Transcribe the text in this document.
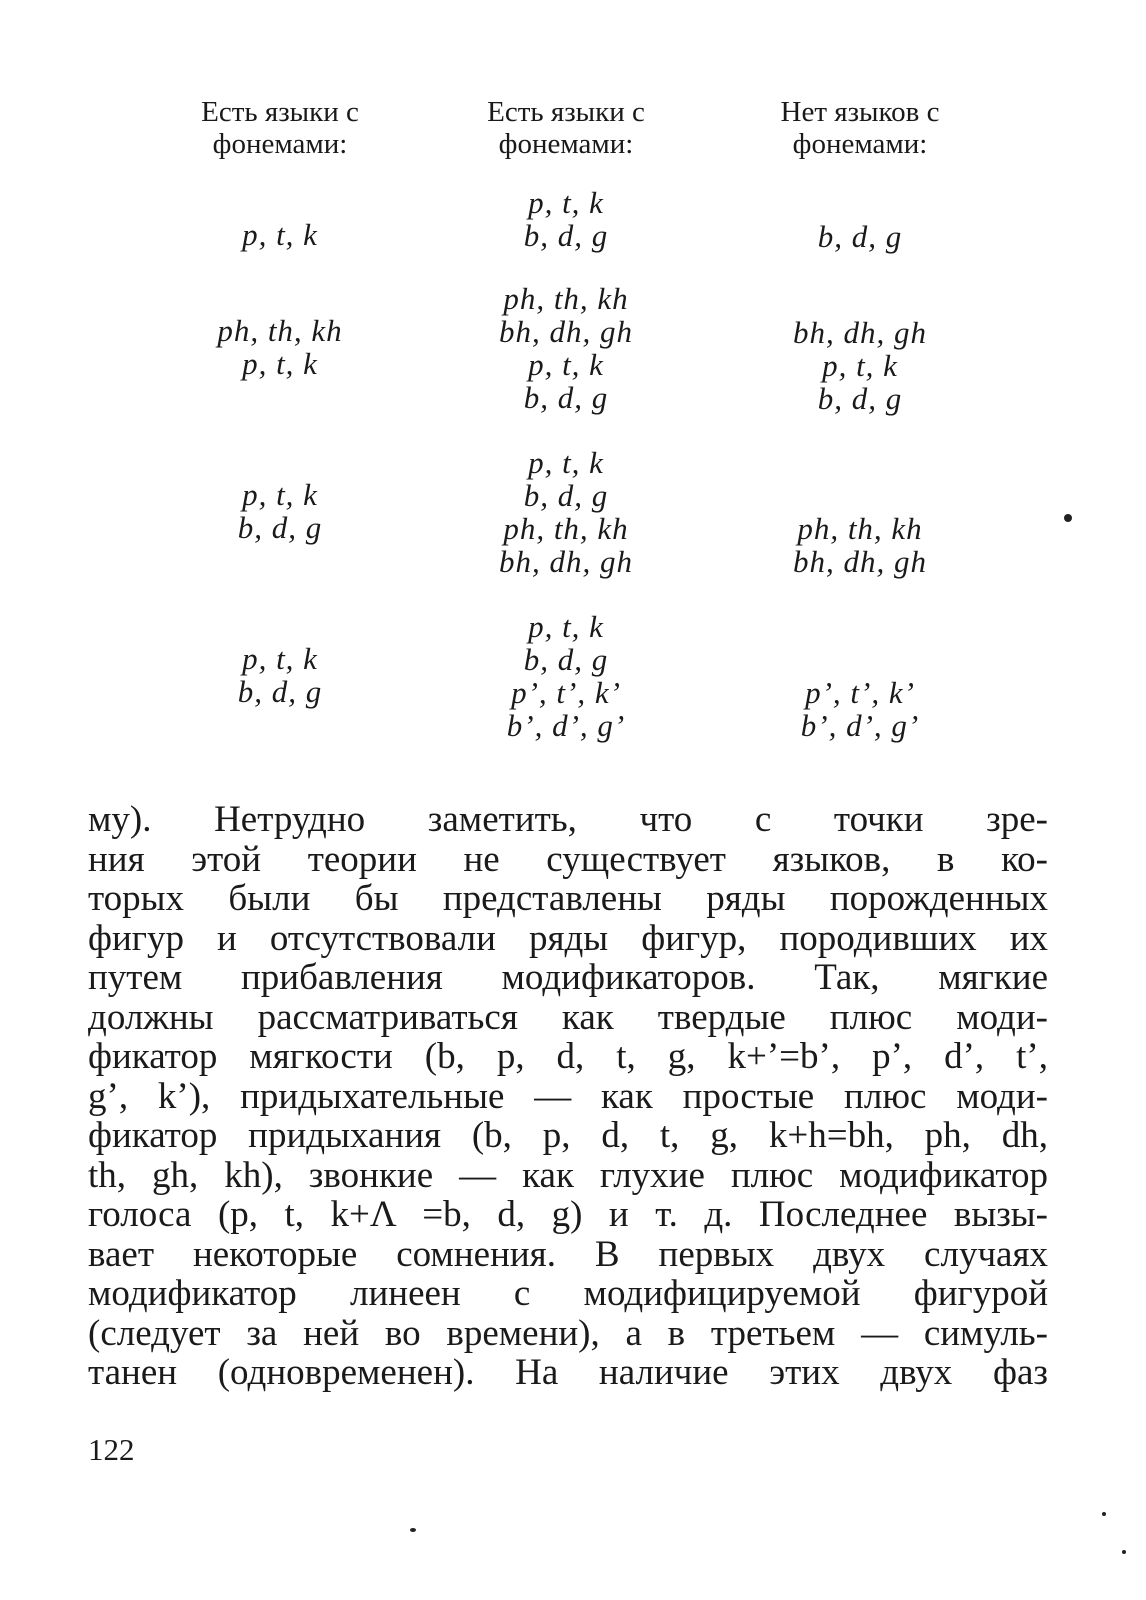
Есть языки с
фонемами:
Есть языки с
фонемами:
Нет языков с
фонемами:
p, t, k
p, t, k
b, d, g	b, d, g
ph, th, kh
p, t, k
ph, th, kh
bh, dh, gh
p, t, k
b, d, g
bh, dh, gh
p, t, k
b, d, g
p, t, k
b, d, g
p, t, k
b, d, g
ph, th, kh
bh, dh, gh
ph, th, kh
bh, dh, gh
p, t, k
b, d, g
p, t, k
b, d, g
p’, t’, k’
b’, d’, g’
p’, t’, k’
b’, d’, g’
му). Нетрудно заметить, что с точки зре-
ния этой теории не существует языков, в ко-
торых были бы представлены ряды порожденных
фигур и отсутствовали ряды фигур, породивших их
путем прибавления модификаторов. Так, мягкие
должны рассматриваться как твердые плюс моди-
фикатор мягкости (b, p, d, t, g, k+’=b’, p’, d’, t’,
g’, k’), придыхательные — как простые плюс моди-
фикатор придыхания (b, p, d, t, g, k+h=bh, ph, dh,
th, gh, kh), звонкие — как глухие плюс модификатор
голоса (p, t, k+Λ =b, d, g) и т. д. Последнее вызы-
вает некоторые сомнения. В первых двух случаях
модификатор линеен с модифицируемой фигурой
(следует за ней во времени), а в третьем — симуль-
танен (одновременен). На наличие этих двух фаз
122
